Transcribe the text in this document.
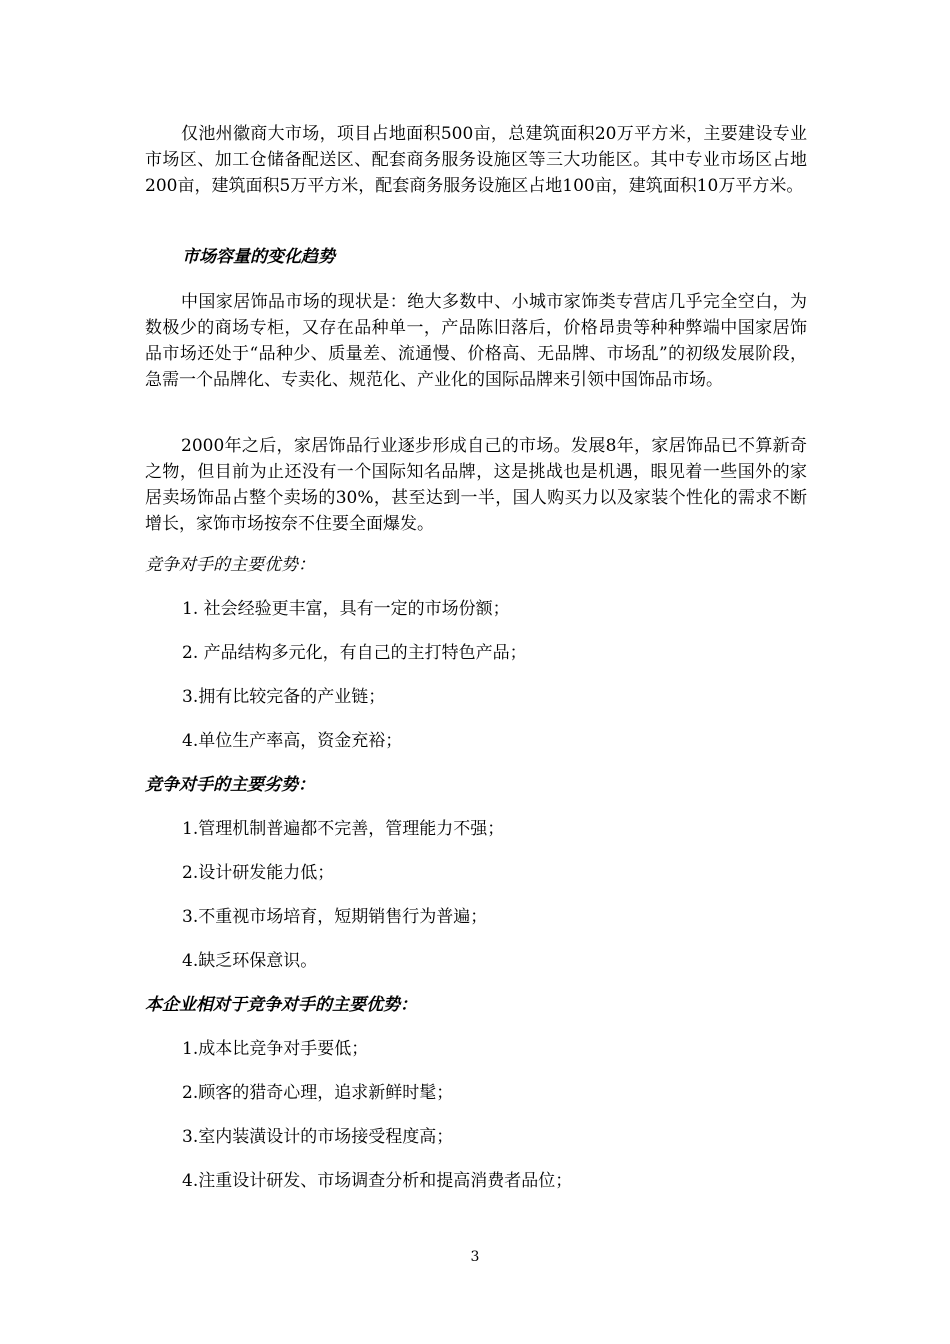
仅池州徽商大市场，项目占地面积500亩，总建筑面积20万平方米，主要建设专业市场区、加工仓储备配送区、配套商务服务设施区等三大功能区。其中专业市场区占地200亩，建筑面积5万平方米，配套商务服务设施区占地100亩，建筑面积10万平方米。

市场容量的变化趋势

中国家居饰品市场的现状是：绝大多数中、小城市家饰类专营店几乎完全空白，为数极少的商场专柜，又存在品种单一，产品陈旧落后，价格昂贵等种种弊端中国家居饰品市场还处于“品种少、质量差、流通慢、价格高、无品牌、市场乱”的初级发展阶段，急需一个品牌化、专卖化、规范化、产业化的国际品牌来引领中国饰品市场。

2000年之后，家居饰品行业逐步形成自己的市场。发展8年，家居饰品已不算新奇之物，但目前为止还没有一个国际知名品牌，这是挑战也是机遇，眼见着一些国外的家居卖场饰品占整个卖场的30%，甚至达到一半，国人购买力以及家装个性化的需求不断增长，家饰市场按奈不住要全面爆发。

竞争对手的主要优势：

1. 社会经验更丰富，具有一定的市场份额；

2. 产品结构多元化，有自己的主打特色产品；

3.拥有比较完备的产业链；

4.单位生产率高，资金充裕；

竞争对手的主要劣势：

1.管理机制普遍都不完善，管理能力不强；

2.设计研发能力低；

3.不重视市场培育，短期销售行为普遍；

4.缺乏环保意识。

本企业相对于竞争对手的主要优势：

1.成本比竞争对手要低；

2.顾客的猎奇心理，追求新鲜时髦；

3.室内装潢设计的市场接受程度高；

4.注重设计研发、市场调查分析和提高消费者品位；

3
